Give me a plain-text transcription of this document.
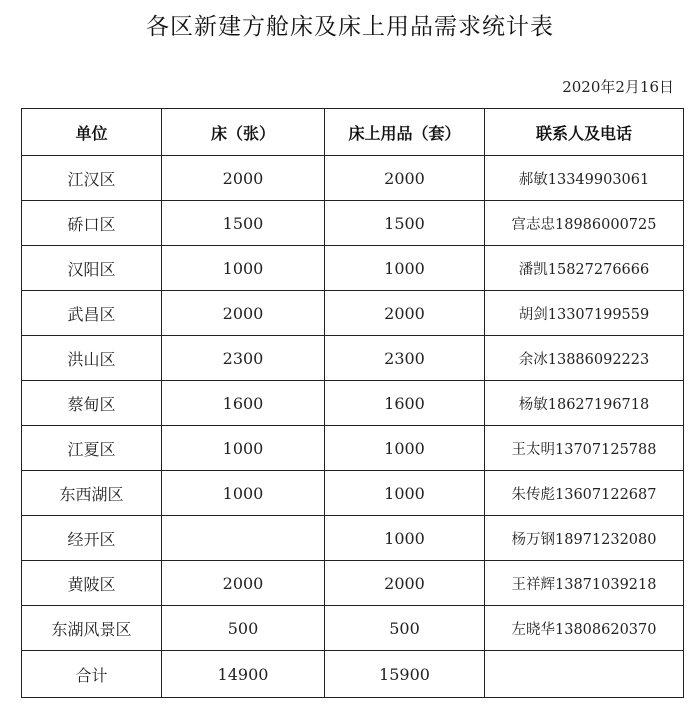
各区新建方舱床及床上用品需求统计表
2020年2月16日
单位	床（张）	床上用品（套）	联系人及电话
江汉区	2000	2000	郝敏13349903061
硚口区	1500	1500	宫志忠18986000725
汉阳区	1000	1000	潘凯15827276666
武昌区	2000	2000	胡剑13307199559
洪山区	2300	2300	余冰13886092223
蔡甸区	1600	1600	杨敏18627196718
江夏区	1000	1000	王太明13707125788
东西湖区	1000	1000	朱传彪13607122687
经开区		1000	杨万钢18971232080
黄陂区	2000	2000	王祥辉13871039218
东湖风景区	500	500	左晓华13808620370
合计	14900	15900	
